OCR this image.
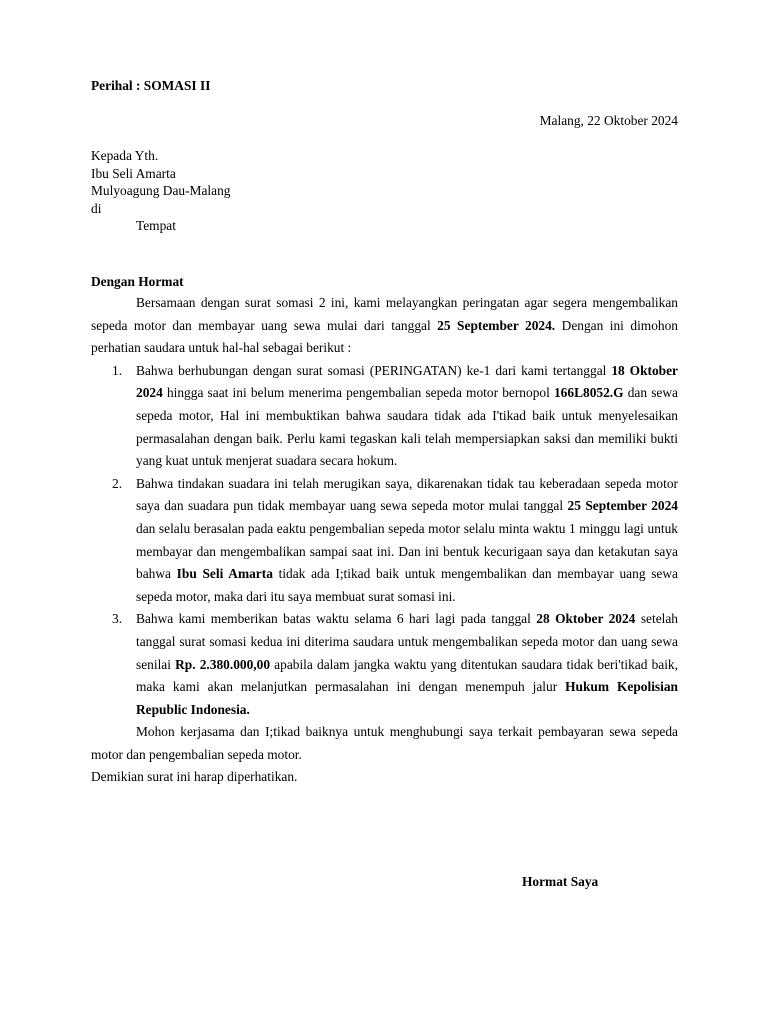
Perihal : SOMASI II
Malang, 22 Oktober 2024
Kepada Yth.
Ibu Seli Amarta
Mulyoagung Dau-Malang
di
Tempat
Dengan Hormat

Bersamaan dengan surat somasi 2 ini, kami melayangkan peringatan agar segera mengembalikan sepeda motor dan membayar uang sewa mulai dari tanggal 25 September 2024. Dengan ini dimohon perhatian saudara untuk hal-hal sebagai berikut :

1. Bahwa berhubungan dengan surat somasi (PERINGATAN) ke-1 dari kami tertanggal 18 Oktober 2024 hingga saat ini belum menerima pengembalian sepeda motor bernopol 166L8052.G dan sewa sepeda motor, Hal ini membuktikan bahwa saudara tidak ada I'tikad baik untuk menyelesaikan permasalahan dengan baik. Perlu kami tegaskan kali telah mempersiapkan saksi dan memiliki bukti yang kuat untuk menjerat suadara secara hokum.
2. Bahwa tindakan suadara ini telah merugikan saya, dikarenakan tidak tau keberadaan sepeda motor saya dan suadara pun tidak membayar uang sewa sepeda motor mulai tanggal 25 September 2024 dan selalu berasalan pada eaktu pengembalian sepeda motor selalu minta waktu 1 minggu lagi untuk membayar dan mengembalikan sampai saat ini. Dan ini bentuk kecurigaan saya dan ketakutan saya bahwa Ibu Seli Amarta tidak ada I;tikad baik untuk mengembalikan dan membayar uang sewa sepeda motor, maka dari itu saya membuat surat somasi ini.
3. Bahwa kami memberikan batas waktu selama 6 hari lagi pada tanggal 28 Oktober 2024 setelah tanggal surat somasi kedua ini diterima saudara untuk mengembalikan sepeda motor dan uang sewa senilai Rp. 2.380.000,00 apabila dalam jangka waktu yang ditentukan saudara tidak beri'tikad baik, maka kami akan melanjutkan permasalahan ini dengan menempuh jalur Hukum Kepolisian Republic Indonesia.

Mohon kerjasama dan I;tikad baiknya untuk menghubungi saya terkait pembayaran sewa sepeda motor dan pengembalian sepeda motor.

Demikian surat ini harap diperhatikan.

Hormat Saya
